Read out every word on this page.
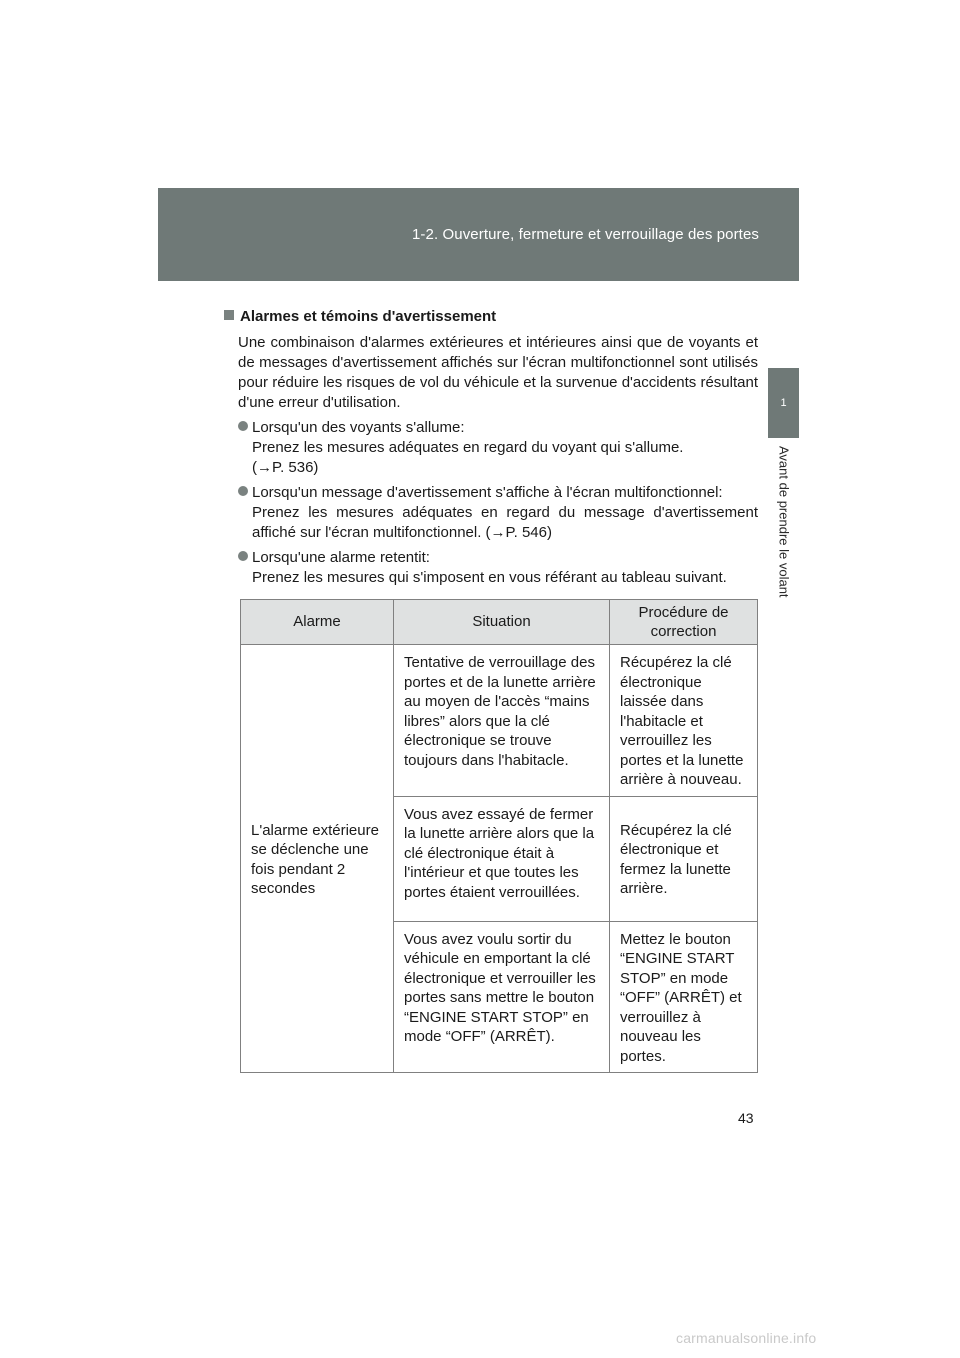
1-2. Ouverture, fermeture et verrouillage des portes
1
Avant de prendre le volant
Alarmes et témoins d'avertissement
Une combinaison d'alarmes extérieures et intérieures ainsi que de voyants et de messages d'avertissement affichés sur l'écran multifonctionnel sont utilisés pour réduire les risques de vol du véhicule et la survenue d'accidents résultant d'une erreur d'utilisation.
Lorsqu'un des voyants s'allume:
Prenez les mesures adéquates en regard du voyant qui s'allume.
(→P. 536)
Lorsqu'un message d'avertissement s'affiche à l'écran multifonctionnel:
Prenez les mesures adéquates en regard du message d'avertissement affiché sur l'écran multifonctionnel. (→P. 546)
Lorsqu'une alarme retentit:
Prenez les mesures qui s'imposent en vous référant au tableau suivant.
Alarme	Situation	Procédure de correction
L'alarme extérieure se déclenche une fois pendant 2 secondes	Tentative de verrouillage des portes et de la lunette arrière au moyen de l'accès “mains libres” alors que la clé électronique se trouve toujours dans l'habitacle.	Récupérez la clé électronique laissée dans l'habitacle et verrouillez les portes et la lunette arrière à nouveau.
	Vous avez essayé de fermer la lunette arrière alors que la clé électronique était à l'intérieur et que toutes les portes étaient verrouillées.	Récupérez la clé électronique et fermez la lunette arrière.
	Vous avez voulu sortir du véhicule en emportant la clé électronique et verrouiller les portes sans mettre le bouton “ENGINE START STOP” en mode “OFF” (ARRÊT).	Mettez le bouton “ENGINE START STOP” en mode “OFF” (ARRÊT) et verrouillez à nouveau les portes.
43
carmanualsonline.info
